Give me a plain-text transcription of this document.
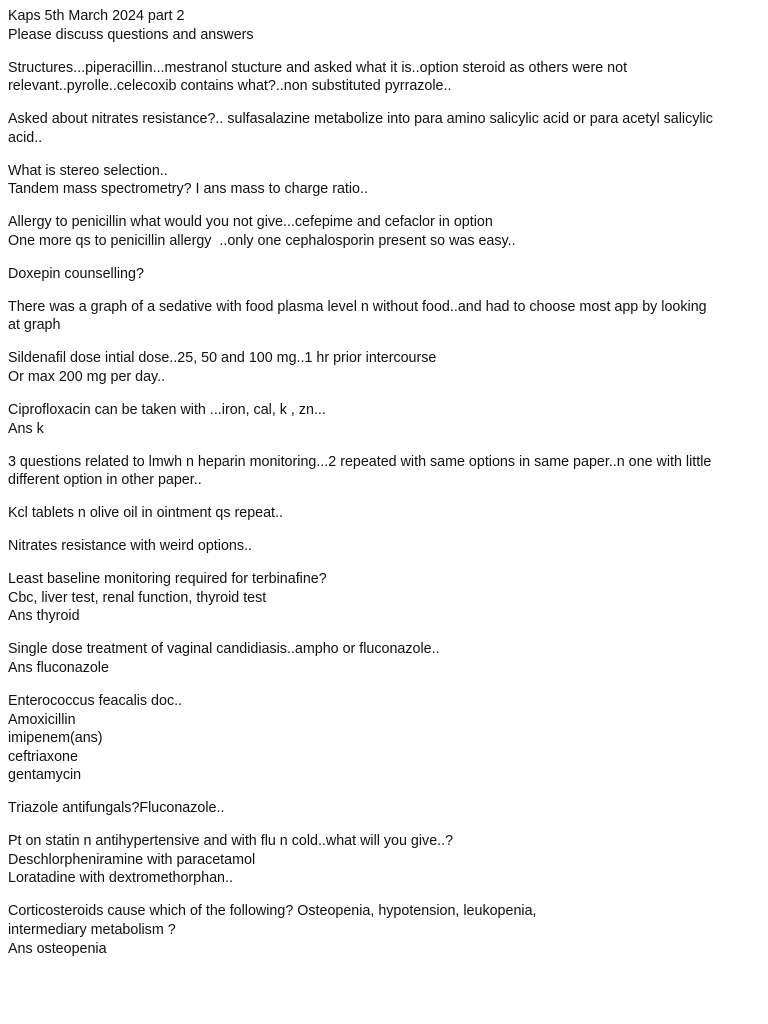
Kaps 5th March 2024 part 2
Please discuss questions and answers
Structures...piperacillin...mestranol stucture and asked what it is..option steroid as others were not
relevant..pyrolle..celecoxib contains what?..non substituted pyrrazole..
Asked about nitrates resistance?.. sulfasalazine metabolize into para amino salicylic acid or para acetyl salicylic
acid..
What is stereo selection..
Tandem mass spectrometry? I ans mass to charge ratio..
Allergy to penicillin what would you not give...cefepime and cefaclor in option
One more qs to penicillin allergy  ..only one cephalosporin present so was easy..
Doxepin counselling?
There was a graph of a sedative with food plasma level n without food..and had to choose most app by looking
at graph
Sildenafil dose intial dose..25, 50 and 100 mg..1 hr prior intercourse
Or max 200 mg per day..
Ciprofloxacin can be taken with ...iron, cal, k , zn...
Ans k
3 questions related to lmwh n heparin monitoring...2 repeated with same options in same paper..n one with little
different option in other paper..
Kcl tablets n olive oil in ointment qs repeat..
Nitrates resistance with weird options..
Least baseline monitoring required for terbinafine?
Cbc, liver test, renal function, thyroid test
Ans thyroid
Single dose treatment of vaginal candidiasis..ampho or fluconazole..
Ans fluconazole
Enterococcus feacalis doc..
Amoxicillin
imipenem(ans)
ceftriaxone
gentamycin
Triazole antifungals?Fluconazole..
Pt on statin n antihypertensive and with flu n cold..what will you give..?
Deschlorpheniramine with paracetamol
Loratadine with dextromethorphan..
Corticosteroids cause which of the following? Osteopenia, hypotension, leukopenia,
intermediary metabolism ?
Ans osteopenia
